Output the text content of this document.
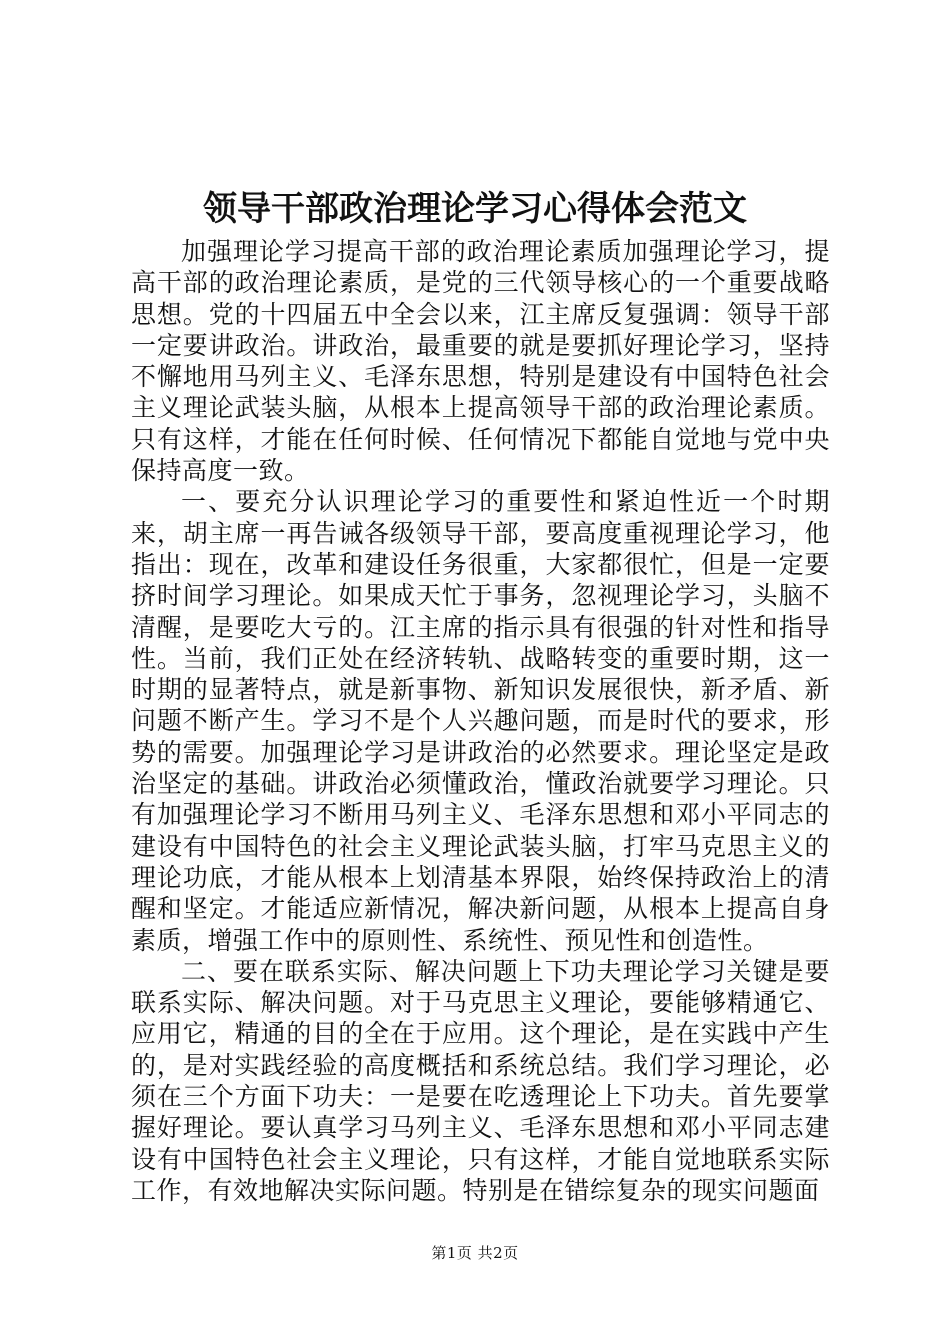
领导干部政治理论学习心得体会范文

加强理论学习提高干部的政治理论素质加强理论学习，提高干部的政治理论素质，是党的三代领导核心的一个重要战略思想。党的十四届五中全会以来，江主席反复强调：领导干部一定要讲政治。讲政治，最重要的就是要抓好理论学习，坚持不懈地用马列主义、毛泽东思想，特别是建设有中国特色社会主义理论武装头脑，从根本上提高领导干部的政治理论素质。只有这样，才能在任何时候、任何情况下都能自觉地与党中央保持高度一致。

一、要充分认识理论学习的重要性和紧迫性近一个时期来，胡主席一再告诫各级领导干部，要高度重视理论学习，他指出：现在，改革和建设任务很重，大家都很忙，但是一定要挤时间学习理论。如果成天忙于事务，忽视理论学习，头脑不清醒，是要吃大亏的。江主席的指示具有很强的针对性和指导性。当前，我们正处在经济转轨、战略转变的重要时期，这一时期的显著特点，就是新事物、新知识发展很快，新矛盾、新问题不断产生。学习不是个人兴趣问题，而是时代的要求，形势的需要。加强理论学习是讲政治的必然要求。理论坚定是政治坚定的基础。讲政治必须懂政治，懂政治就要学习理论。只有加强理论学习不断用马列主义、毛泽东思想和邓小平同志的建设有中国特色的社会主义理论武装头脑，打牢马克思主义的理论功底，才能从根本上划清基本界限，始终保持政治上的清醒和坚定。才能适应新情况，解决新问题，从根本上提高自身素质，增强工作中的原则性、系统性、预见性和创造性。

二、要在联系实际、解决问题上下功夫理论学习关键是要联系实际、解决问题。对于马克思主义理论，要能够精通它、应用它，精通的目的全在于应用。这个理论，是在实践中产生的，是对实践经验的高度概括和系统总结。我们学习理论，必须在三个方面下功夫：一是要在吃透理论上下功夫。首先要掌握好理论。要认真学习马列主义、毛泽东思想和邓小平同志建设有中国特色社会主义理论，只有这样，才能自觉地联系实际工作，有效地解决实际问题。特别是在错综复杂的现实问题面

第1页 共2页
